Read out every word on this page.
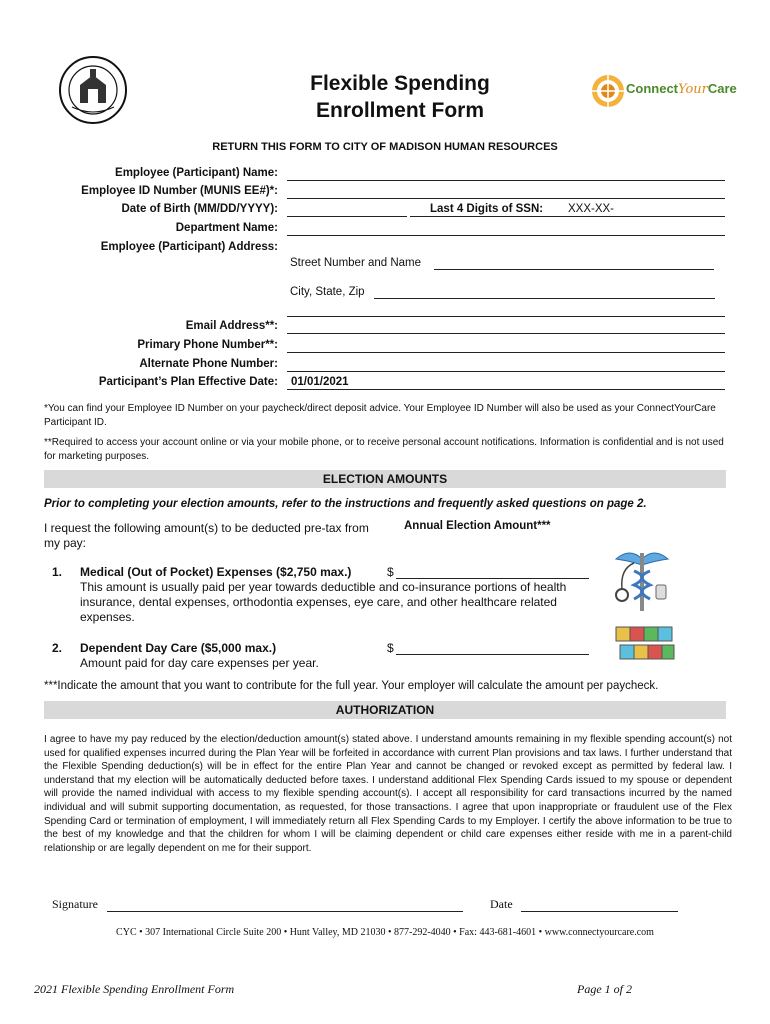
Flexible Spending
Enrollment Form
ConnectYourCare
RETURN THIS FORM TO CITY OF MADISON HUMAN RESOURCES
Employee (Participant) Name:
Employee ID Number (MUNIS EE#)*:
Date of Birth (MM/DD/YYYY):	Last 4 Digits of SSN: XXX-XX-
Department Name:
Employee (Participant) Address:
Street Number and Name
City, State, Zip
Email Address**:
Primary Phone Number**:
Alternate Phone Number:
Participant’s Plan Effective Date: 01/01/2021
*You can find your Employee ID Number on your paycheck/direct deposit advice. Your Employee ID Number will also be used as your ConnectYourCare Participant ID.
**Required to access your account online or via your mobile phone, or to receive personal account notifications. Information is confidential and is not used for marketing purposes.
ELECTION AMOUNTS
Prior to completing your election amounts, refer to the instructions and frequently asked questions on page 2.
I request the following amount(s) to be deducted pre-tax from my pay:
Annual Election Amount***
1. Medical (Out of Pocket) Expenses ($2,750 max.)
This amount is usually paid per year towards deductible and co-insurance portions of health insurance, dental expenses, orthodontia expenses, eye care, and other healthcare related expenses.
$
2. Dependent Day Care ($5,000 max.)
Amount paid for day care expenses per year.
$
***Indicate the amount that you want to contribute for the full year. Your employer will calculate the amount per paycheck.
AUTHORIZATION
I agree to have my pay reduced by the election/deduction amount(s) stated above. I understand amounts remaining in my flexible spending account(s) not used for qualified expenses incurred during the Plan Year will be forfeited in accordance with current Plan provisions and tax laws. I further understand that the Flexible Spending deduction(s) will be in effect for the entire Plan Year and cannot be changed or revoked except as permitted by federal law. I understand that my election will be automatically deducted before taxes. I understand additional Flex Spending Cards issued to my spouse or dependent will provide the named individual with access to my flexible spending account(s). I accept all responsibility for card transactions incurred by the named individual and will submit supporting documentation, as requested, for those transactions. I agree that upon inappropriate or fraudulent use of the Flex Spending Card or termination of employment, I will immediately return all Flex Spending Cards to my Employer. I certify the above information to be true to the best of my knowledge and that the children for whom I will be claiming dependent or child care expenses either reside with me in a parent-child relationship or are legally dependent on me for their support.
Signature	Date
CYC • 307 International Circle Suite 200 • Hunt Valley, MD 21030 • 877-292-4040 • Fax: 443-681-4601 • www.connectyourcare.com
2021 Flexible Spending Enrollment Form	Page 1 of 2
